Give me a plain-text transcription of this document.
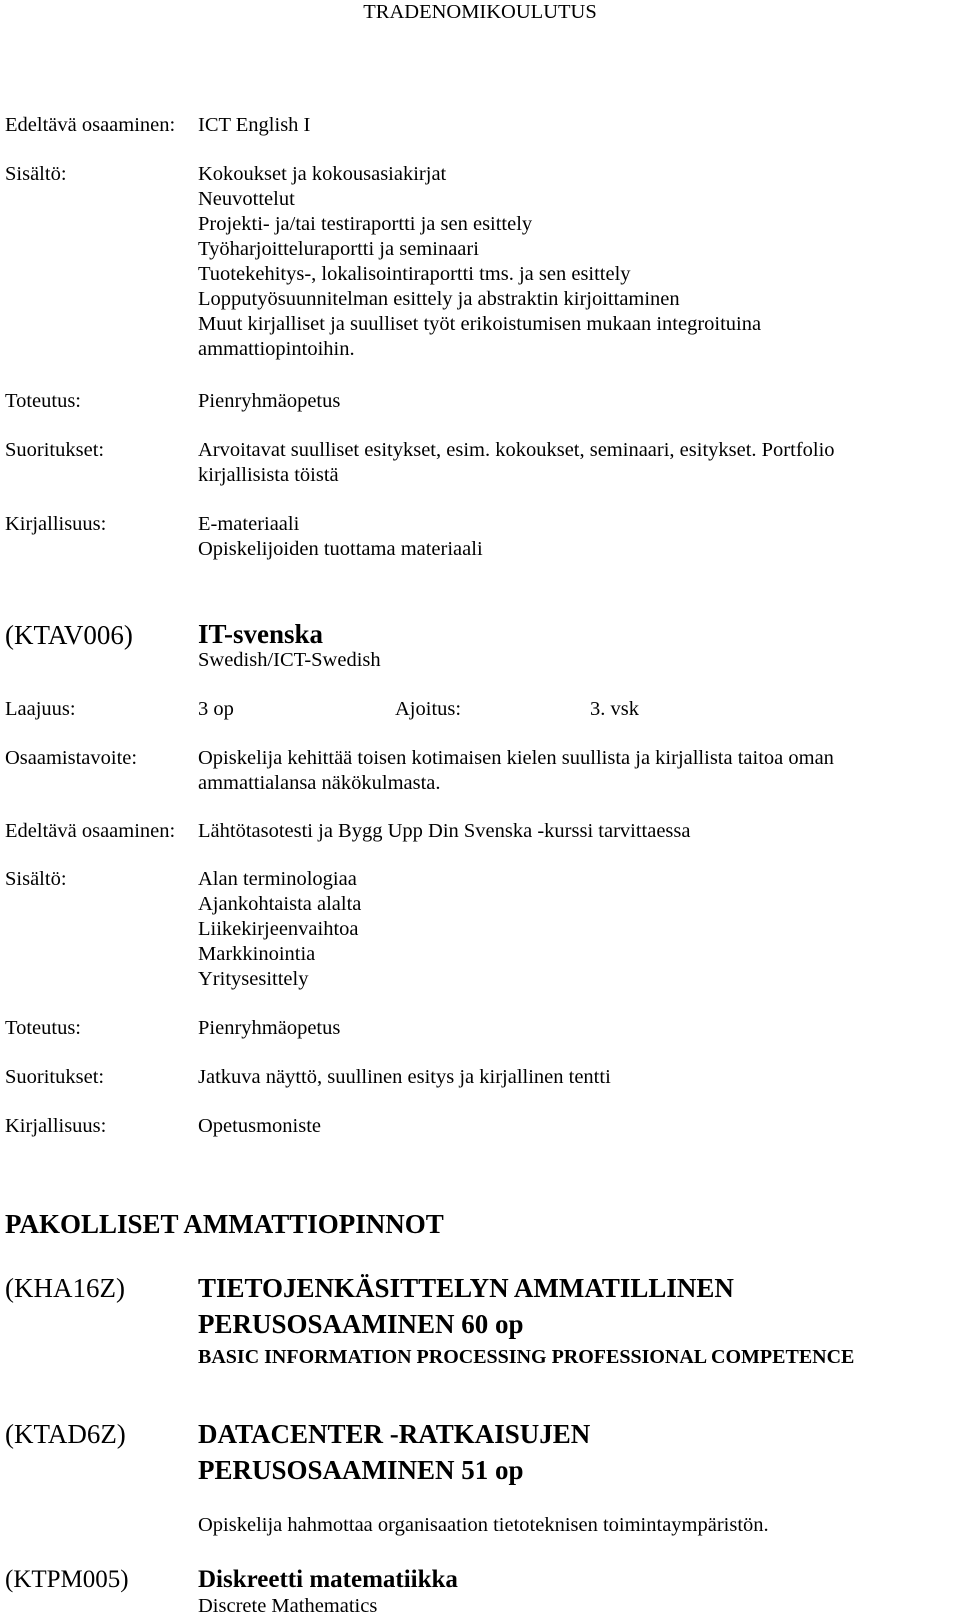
TRADENOMIKOULUTUS
Edeltävä osaaminen: ICT English I
Sisältö:	Kokoukset ja kokousasiakirjat
Neuvottelut
Projekti- ja/tai testiraportti ja sen esittely
Työharjoitteluraportti ja seminaari
Tuotekehitys-, lokalisointiraportti tms. ja sen esittely
Lopputyösuunnitelman esittely ja abstraktin kirjoittaminen
Muut kirjalliset ja suulliset työt erikoistumisen mukaan integroituina
ammattiopintoihin.
Toteutus:	Pienryhmäopetus
Suoritukset:	Arvoitavat suulliset esitykset, esim. kokoukset, seminaari, esitykset. Portfolio
kirjallisista töistä
Kirjallisuus:	E-materiaali
Opiskelijoiden tuottama materiaali
(KTAV006) IT-svenska
Swedish/ICT-Swedish
Laajuus:	3 op	Ajoitus:	3. vsk
Osaamistavoite:	Opiskelija kehittää toisen kotimaisen kielen suullista ja kirjallista taitoa oman
ammattialansa näkökulmasta.
Edeltävä osaaminen: Lähtötasotesti ja Bygg Upp Din Svenska -kurssi tarvittaessa
Sisältö:	Alan terminologiaa
Ajankohtaista alalta
Liikekirjeenvaihtoa
Markkinointia
Yritysesittely
Toteutus:	Pienryhmäopetus
Suoritukset:	Jatkuva näyttö, suullinen esitys ja kirjallinen tentti
Kirjallisuus:	Opetusmoniste
PAKOLLISET AMMATTIOPINNOT
(KHA16Z)	TIETOJENKÄSITTELYN AMMATILLINEN
PERUSOSAAMINEN 60 op
BASIC INFORMATION PROCESSING PROFESSIONAL COMPETENCE
(KTAD6Z)	DATACENTER -RATKAISUJEN
PERUSOSAAMINEN 51 op
Opiskelija hahmottaa organisaation tietoteknisen toimintaympäristön.
(KTPM005)	Diskreetti matematiikka
Discrete Mathematics
